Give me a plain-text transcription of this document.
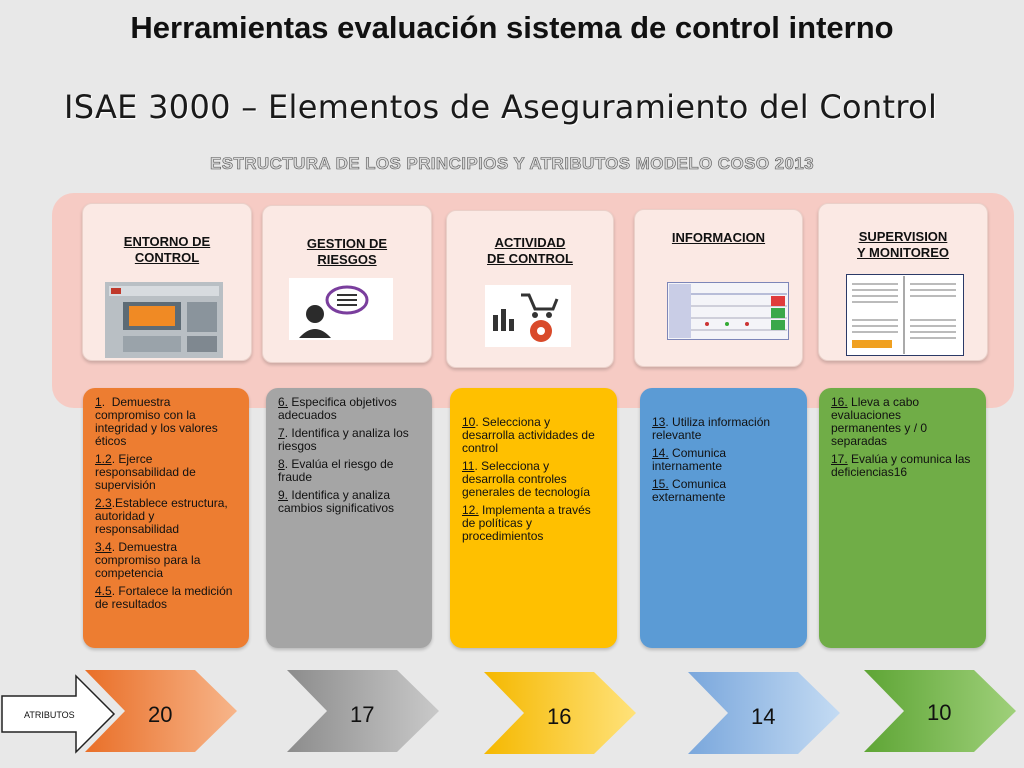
Herramientas evaluación sistema de control interno
ISAE 3000 – Elementos de Aseguramiento del Control
ESTRUCTURA DE LOS PRINCIPIOS Y ATRIBUTOS MODELO COSO 2013
ENTORNO DE
CONTROL
GESTION DE
RIESGOS
ACTIVIDAD
DE CONTROL
INFORMACION	SUPERVISION
Y MONITOREO

1.  Demuestra compromiso con la integridad y los valores éticos

1.2. Ejerce responsabilidad de supervisión

2.3.Establece estructura, autoridad y responsabilidad

3.4. Demuestra compromiso para la competencia

4.5. Fortalece la medición de resultados

6. Especifica objetivos adecuados

7. Identifica y analiza los riesgos

8. Evalúa el riesgo de fraude

9. Identifica y analiza cambios significativos

10. Selecciona y desarrolla actividades de control

11. Selecciona y desarrolla controles generales de tecnología

12. Implementa a través de políticas y procedimientos

13. Utiliza información relevante

14. Comunica internamente

15. Comunica externamente

16. Lleva a cabo evaluaciones permanentes y / 0 separadas

17. Evalúa y comunica las deficiencias16

ATRIBUTOS	20	17	16	14	10
